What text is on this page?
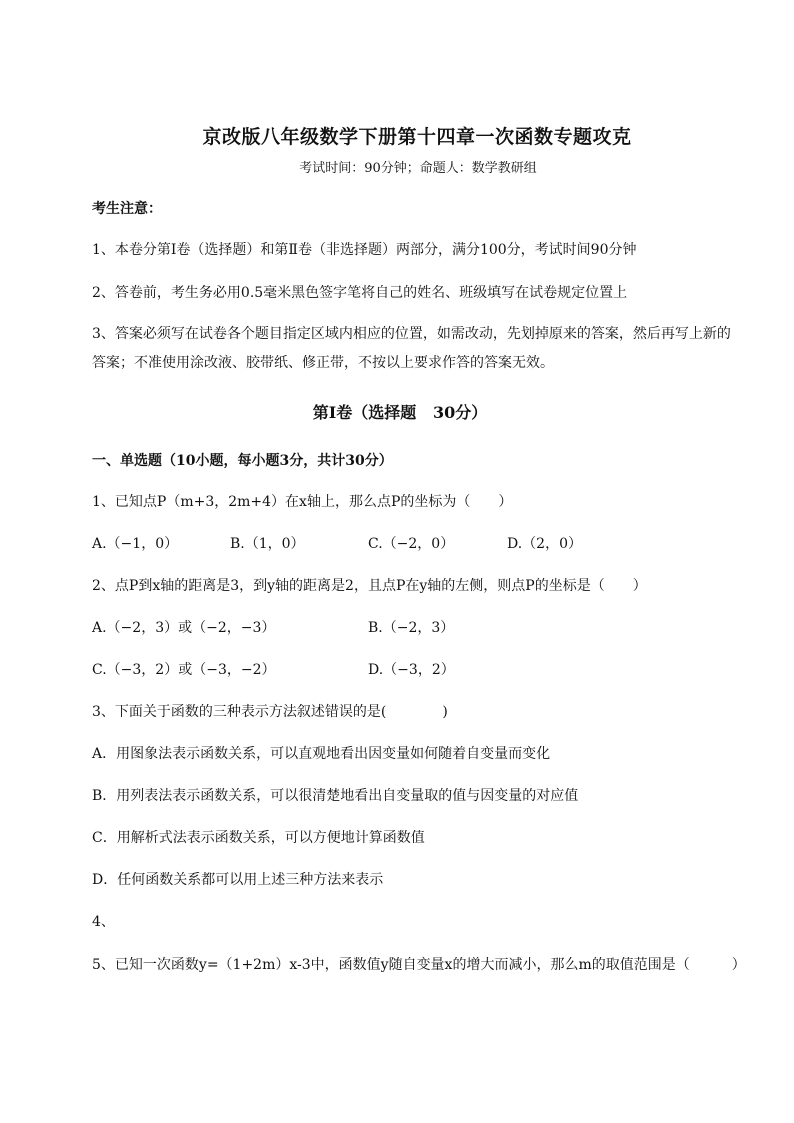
京改版八年级数学下册第十四章一次函数专题攻克
考试时间：90分钟；命题人：数学教研组
考生注意：
1、本卷分第I卷（选择题）和第Ⅱ卷（非选择题）两部分，满分100分，考试时间90分钟
2、答卷前，考生务必用0.5毫米黑色签字笔将自己的姓名、班级填写在试卷规定位置上
3、答案必须写在试卷各个题目指定区域内相应的位置，如需改动，先划掉原来的答案，然后再写上新的答案；不准使用涂改液、胶带纸、修正带，不按以上要求作答的答案无效。
第I卷（选择题   30分）
一、单选题（10小题，每小题3分，共计30分）
1、已知点P（m+3，2m+4）在x轴上，那么点P的坐标为（　　）
A.（−1，0）	B.（1，0）	C.（−2，0）	D.（2，0）
2、点P到x轴的距离是3，到y轴的距离是2，且点P在y轴的左侧，则点P的坐标是（　　）
A.（−2，3）或（−2，−3）	B.（−2，3）
C.（−3，2）或（−3，−2）	D.（−3，2）
3、下面关于函数的三种表示方法叙述错误的是(　　　　)
A．用图象法表示函数关系，可以直观地看出因变量如何随着自变量而变化
B．用列表法表示函数关系，可以很清楚地看出自变量取的值与因变量的对应值
C．用解析式法表示函数关系，可以方便地计算函数值
D．任何函数关系都可以用上述三种方法来表示
4、
5、已知一次函数y=（1+2m）x-3中，函数值y随自变量x的增大而减小，那么m的取值范围是（　　　）
